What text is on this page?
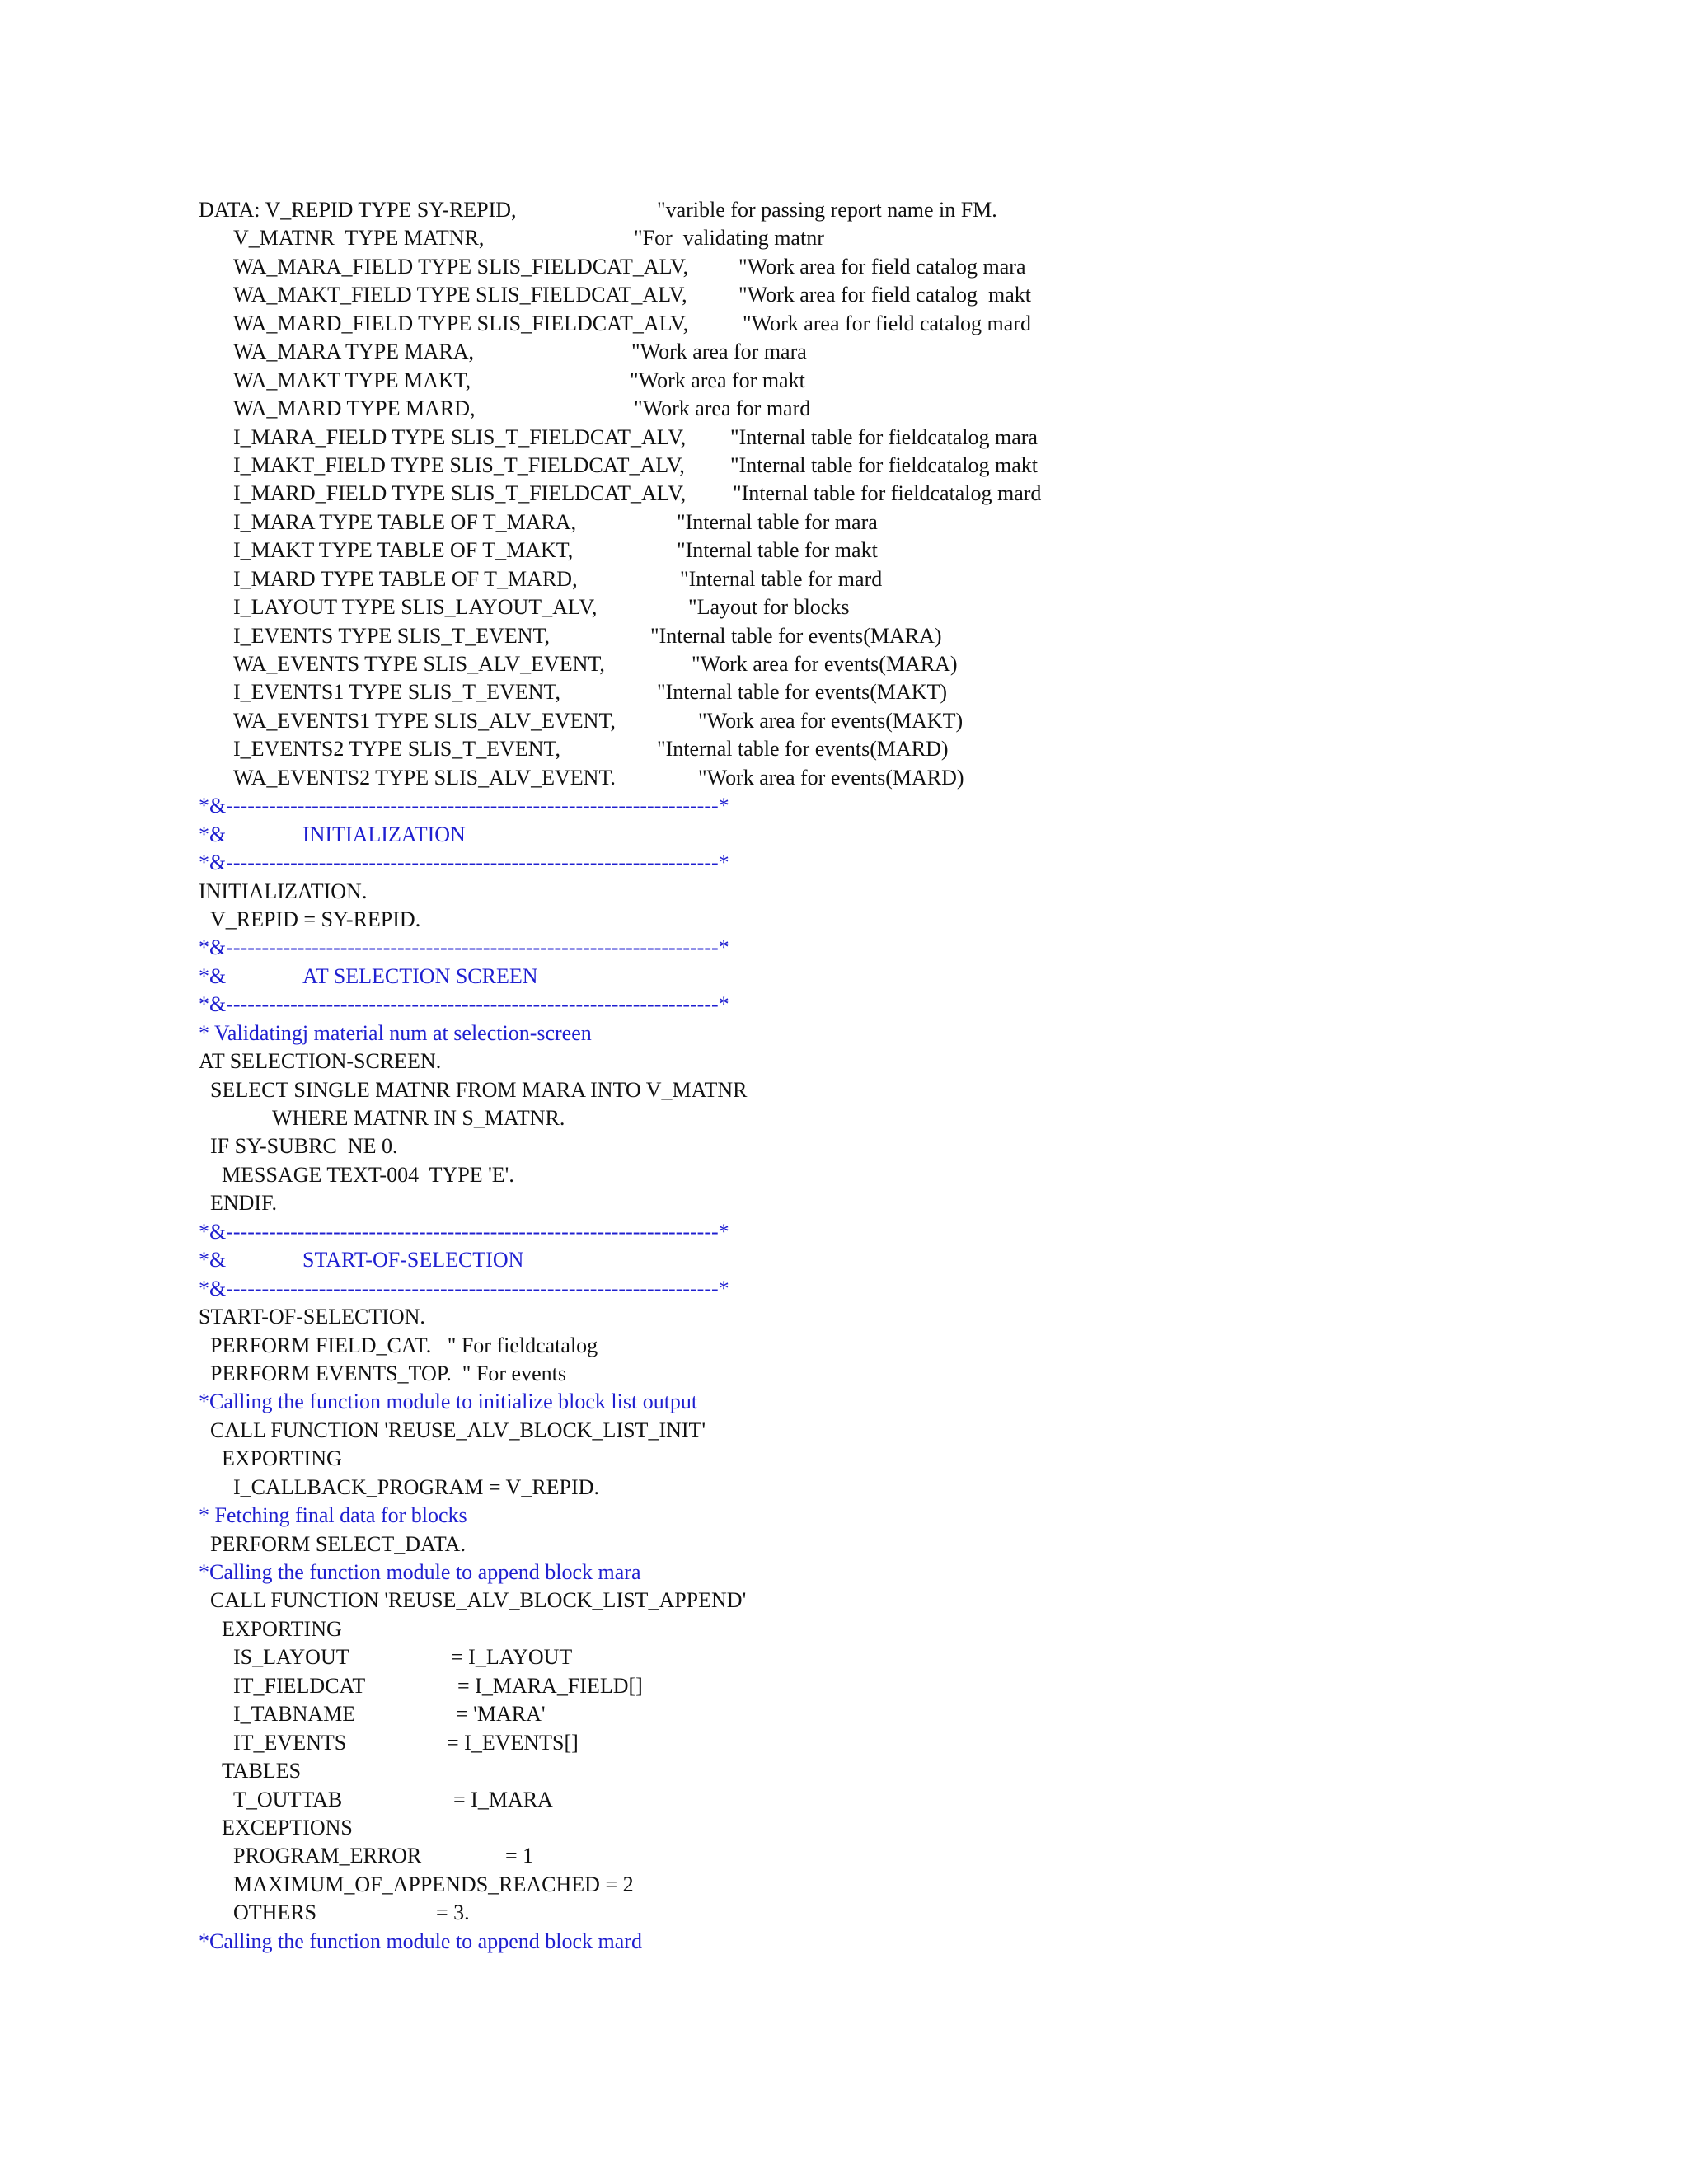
DATA: V_REPID TYPE SY-REPID,	"varible for passing report name in FM.
V_MATNR  TYPE MATNR,	"For  validating matnr
WA_MARA_FIELD TYPE SLIS_FIELDCAT_ALV, "Work area for field catalog mara
WA_MAKT_FIELD TYPE SLIS_FIELDCAT_ALV, "Work area for field catalog  makt
WA_MARD_FIELD TYPE SLIS_FIELDCAT_ALV,	"Work area for field catalog mard
WA_MARA TYPE MARA,	"Work area for mara
WA_MAKT TYPE MAKT,	"Work area for makt
WA_MARD TYPE MARD,	"Work area for mard
I_MARA_FIELD TYPE SLIS_T_FIELDCAT_ALV, "Internal table for fieldcatalog mara
I_MAKT_FIELD TYPE SLIS_T_FIELDCAT_ALV, "Internal table for fieldcatalog makt
I_MARD_FIELD TYPE SLIS_T_FIELDCAT_ALV, "Internal table for fieldcatalog mard
I_MARA TYPE TABLE OF T_MARA,	"Internal table for mara
I_MAKT TYPE TABLE OF T_MAKT,	"Internal table for makt
I_MARD TYPE TABLE OF T_MARD,	"Internal table for mard
I_LAYOUT TYPE SLIS_LAYOUT_ALV,	"Layout for blocks
I_EVENTS TYPE SLIS_T_EVENT,	"Internal table for events(MARA)
WA_EVENTS TYPE SLIS_ALV_EVENT,	"Work area for events(MARA)
I_EVENTS1 TYPE SLIS_T_EVENT,	"Internal table for events(MAKT)
WA_EVENTS1 TYPE SLIS_ALV_EVENT,	"Work area for events(MAKT)
I_EVENTS2 TYPE SLIS_T_EVENT,	"Internal table for events(MARD)
WA_EVENTS2 TYPE SLIS_ALV_EVENT.	"Work area for events(MARD)
*&---------------------------------------------------------------------*
*&	INITIALIZATION
*&---------------------------------------------------------------------*
INITIALIZATION.
V_REPID = SY-REPID.
*&---------------------------------------------------------------------*
*&	AT SELECTION SCREEN
*&---------------------------------------------------------------------*
* Validatingj material num at selection-screen
AT SELECTION-SCREEN.
SELECT SINGLE MATNR FROM MARA INTO V_MATNR
WHERE MATNR IN S_MATNR.
IF SY-SUBRC  NE 0.
MESSAGE TEXT-004  TYPE 'E'.
ENDIF.
*&---------------------------------------------------------------------*
*&	START-OF-SELECTION
*&---------------------------------------------------------------------*
START-OF-SELECTION.
PERFORM FIELD_CAT.   " For fieldcatalog
PERFORM EVENTS_TOP.  " For events
*Calling the function module to initialize block list output
CALL FUNCTION 'REUSE_ALV_BLOCK_LIST_INIT'
EXPORTING
I_CALLBACK_PROGRAM = V_REPID.
* Fetching final data for blocks
PERFORM SELECT_DATA.
*Calling the function module to append block mara
CALL FUNCTION 'REUSE_ALV_BLOCK_LIST_APPEND'
EXPORTING
IS_LAYOUT	= I_LAYOUT
IT_FIELDCAT	= I_MARA_FIELD[]
I_TABNAME	= 'MARA'
IT_EVENTS	= I_EVENTS[]
TABLES
T_OUTTAB	= I_MARA
EXCEPTIONS
PROGRAM_ERROR	= 1
MAXIMUM_OF_APPENDS_REACHED = 2
OTHERS	= 3.
*Calling the function module to append block mard
